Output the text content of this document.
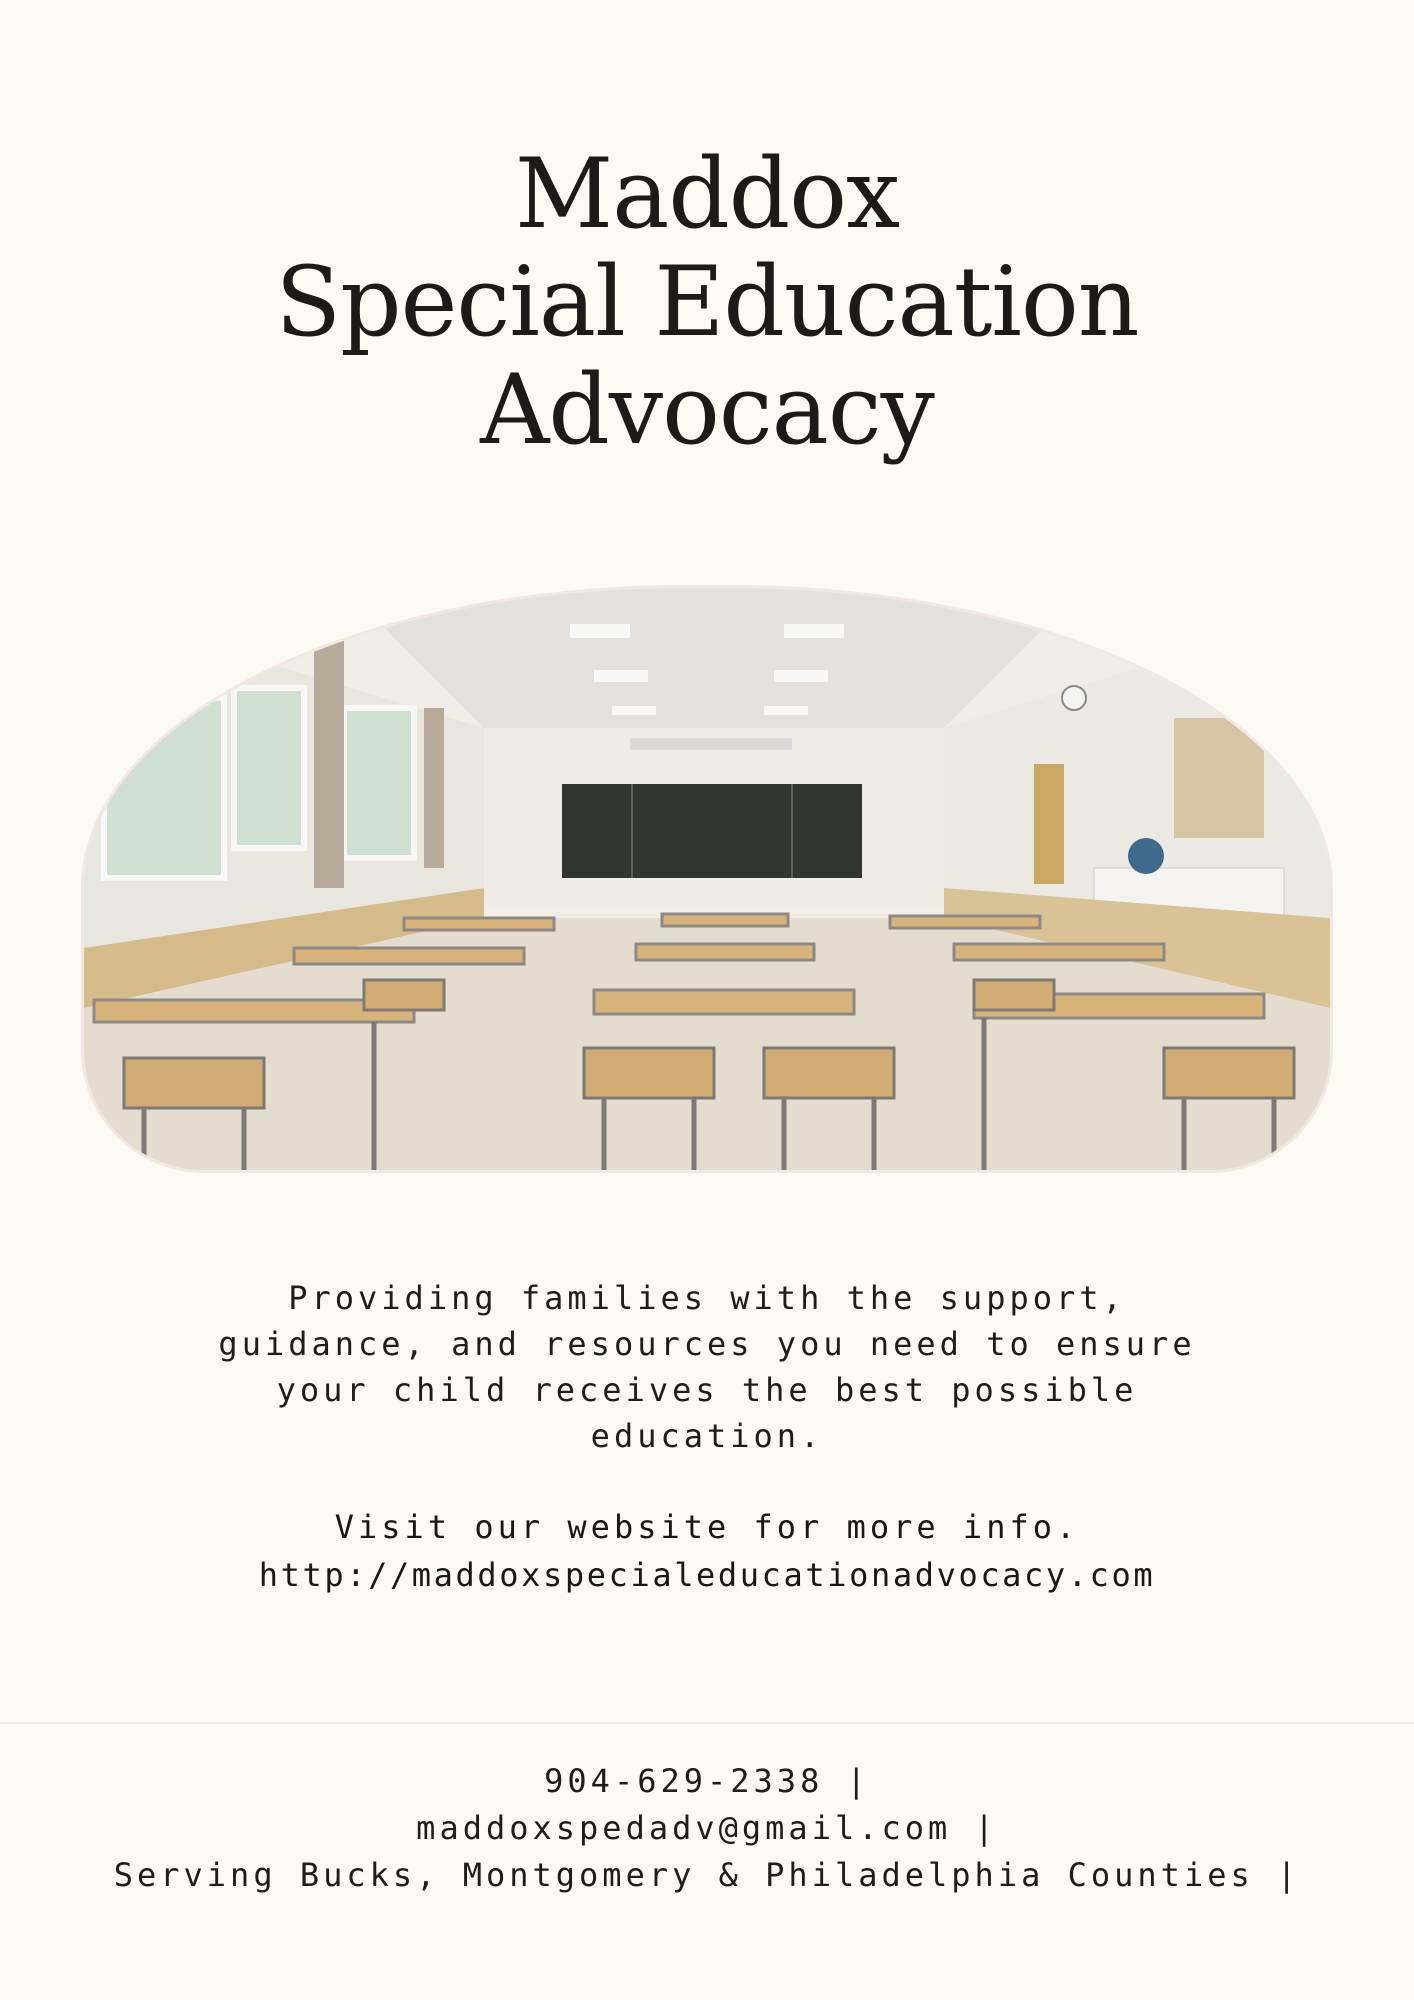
Maddox
Special Education
Advocacy

Providing families with the support, guidance, and resources you need to ensure your child receives the best possible education.

Visit our website for more info.
http://maddoxspecialeducationadvocacy.com
904-629-2338 |
maddoxspedadv@gmail.com |
Serving Bucks, Montgomery & Philadelphia Counties |
